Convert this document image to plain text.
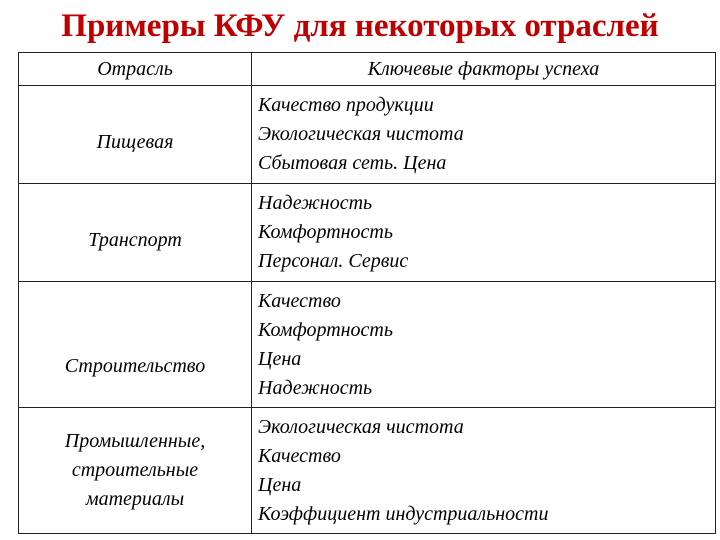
Примеры КФУ для некоторых отраслей
Отрасль	Ключевые факторы успеха

Пищевая	Качество продукции
Экологическая чистота
Сбытовая сеть. Цена

Транспорт	Надежность
Комфортность
Персонал. Сервис

Строительство	Качество
Комфортность
Цена
Надежность

Промышленные,
строительные
материалы	Экологическая чистота
Качество
Цена
Коэффициент индустриальности
